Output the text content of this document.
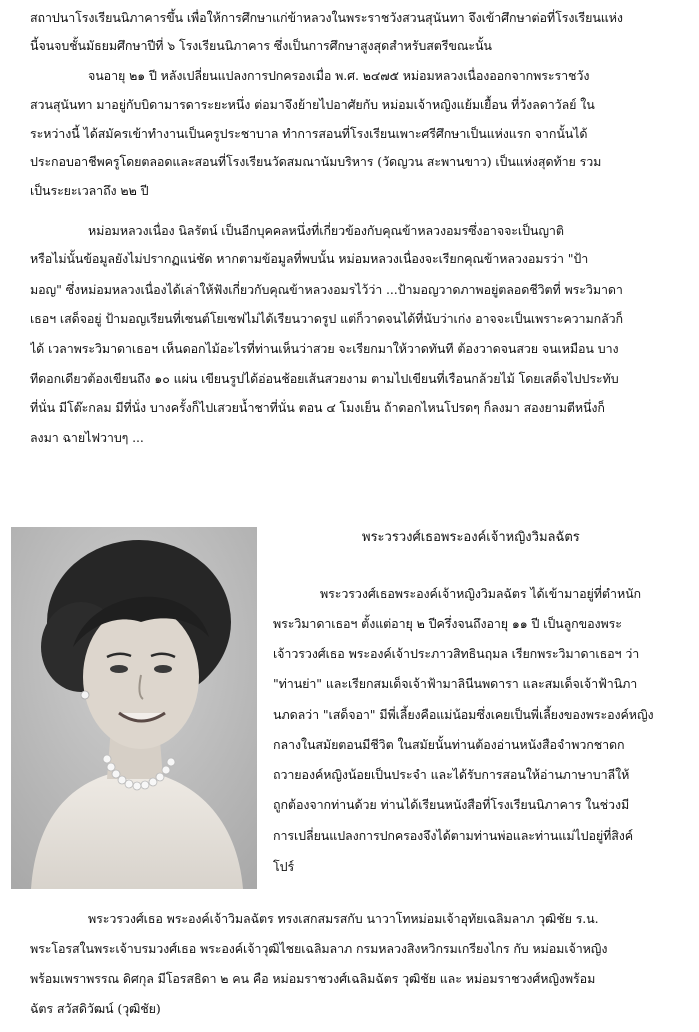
สถาปนาโรงเรียนนิภาคารขึ้น เพื่อให้การศึกษาแก่ข้าหลวงในพระราชวังสวนสุนันทา จึงเข้าศึกษาต่อที่โรงเรียนแห่ง
นี้จนจบชั้นมัธยมศึกษาปีที่ ๖ โรงเรียนนิภาคาร ซึ่งเป็นการศึกษาสูงสุดสำหรับสตรีขณะนั้น
จนอายุ ๒๑ ปี หลังเปลี่ยนแปลงการปกครองเมื่อ พ.ศ. ๒๔๗๕ หม่อมหลวงเนื่องออกจากพระราชวัง
สวนสุนันทา มาอยู่กับบิดามารดาระยะหนึ่ง ต่อมาจึงย้ายไปอาศัยกับ หม่อมเจ้าหญิงแย้มเยื้อน ที่วังลดาวัลย์ ใน
ระหว่างนี้ ได้สมัครเข้าทำงานเป็นครูประชาบาล ทำการสอนที่โรงเรียนเพาะศรีศึกษาเป็นแห่งแรก จากนั้นได้
ประกอบอาชีพครูโดยตลอดและสอนที่โรงเรียนวัดสมณานัมบริหาร (วัดญวน สะพานขาว) เป็นแห่งสุดท้าย รวม
เป็นระยะเวลาถึง ๒๒ ปี
หม่อมหลวงเนื่อง นิลรัตน์ เป็นอีกบุคคลหนึ่งที่เกี่ยวข้องกับคุณข้าหลวงอมรซึ่งอาจจะเป็นญาติ
หรือไม่นั้นข้อมูลยังไม่ปรากฏแน่ชัด หากตามข้อมูลที่พบนั้น หม่อมหลวงเนื่องจะเรียกคุณข้าหลวงอมรว่า "ป้า
มอญ" ซึ่งหม่อมหลวงเนื่องได้เล่าให้ฟังเกี่ยวกับคุณข้าหลวงอมรไว้ว่า ...ป้ามอญวาดภาพอยู่ตลอดชีวิตที่ พระวิมาดา
เธอฯ เสด็จอยู่ ป้ามอญเรียนที่เซนต์โยเซฟไม่ได้เรียนวาดรูป แต่ก็วาดจนได้ที่นับว่าเก่ง อาจจะเป็นเพราะความกลัวก็
ได้ เวลาพระวิมาดาเธอฯ เห็นดอกไม้อะไรที่ท่านเห็นว่าสวย จะเรียกมาให้วาดทันที ต้องวาดจนสวย จนเหมือน บาง
ทีดอกเดียวต้องเขียนถึง ๑๐ แผ่น เขียนรูปได้อ่อนช้อยเส้นสวยงาม ตามไปเขียนที่เรือนกล้วยไม้ โดยเสด็จไปประทับ
ที่นั่น มีโต๊ะกลม มีที่นั่ง บางครั้งก็ไปเสวยน้ำชาที่นั่น ตอน ๔ โมงเย็น ถ้าดอกไหนโปรดๆ ก็ลงมา สองยามตีหนึ่งก็
ลงมา ฉายไฟวาบๆ ...
พระวรวงศ์เธอพระองค์เจ้าหญิงวิมลฉัตร
พระวรวงศ์เธอพระองค์เจ้าหญิงวิมลฉัตร ได้เข้ามาอยู่ที่ตำหนัก
พระวิมาดาเธอฯ ตั้งแต่อายุ ๒ ปีครึ่งจนถึงอายุ ๑๑ ปี เป็นลูกของพระ
เจ้าวรวงศ์เธอ พระองค์เจ้าประภาวสิทธินฤมล เรียกพระวิมาดาเธอฯ ว่า
"ท่านย่า" และเรียกสมเด็จเจ้าฟ้ามาลินีนพดารา และสมเด็จเจ้าฟ้านิภา
นภดลว่า "เสด็จอา" มีพี่เลี้ยงคือแม่น้อมซึ่งเคยเป็นพี่เลี้ยงของพระองค์หญิง
กลางในสมัยตอนมีชีวิต ในสมัยนั้นท่านต้องอ่านหนังสือจำพวกชาดก
ถวายองค์หญิงน้อยเป็นประจำ และได้รับการสอนให้อ่านภาษาบาลีให้
ถูกต้องจากท่านด้วย ท่านได้เรียนหนังสือที่โรงเรียนนิภาคาร ในช่วงมี
การเปลี่ยนแปลงการปกครองจึงได้ตามท่านพ่อและท่านแม่ไปอยู่ที่สิงค์
โปร์
พระวรวงศ์เธอ พระองค์เจ้าวิมลฉัตร ทรงเสกสมรสกับ นาวาโทหม่อมเจ้าอุทัยเฉลิมลาภ วุฒิชัย ร.น.
พระโอรสในพระเจ้าบรมวงศ์เธอ พระองค์เจ้าวุฒิไชยเฉลิมลาภ กรมหลวงสิงหวิกรมเกรียงไกร กับ หม่อมเจ้าหญิง
พร้อมเพราพรรณ ดิศกุล มีโอรสธิดา ๒ คน คือ หม่อมราชวงศ์เฉลิมฉัตร วุฒิชัย และ หม่อมราชวงศ์หญิงพร้อม
ฉัตร สวัสดิวัฒน์ (วุฒิชัย)
